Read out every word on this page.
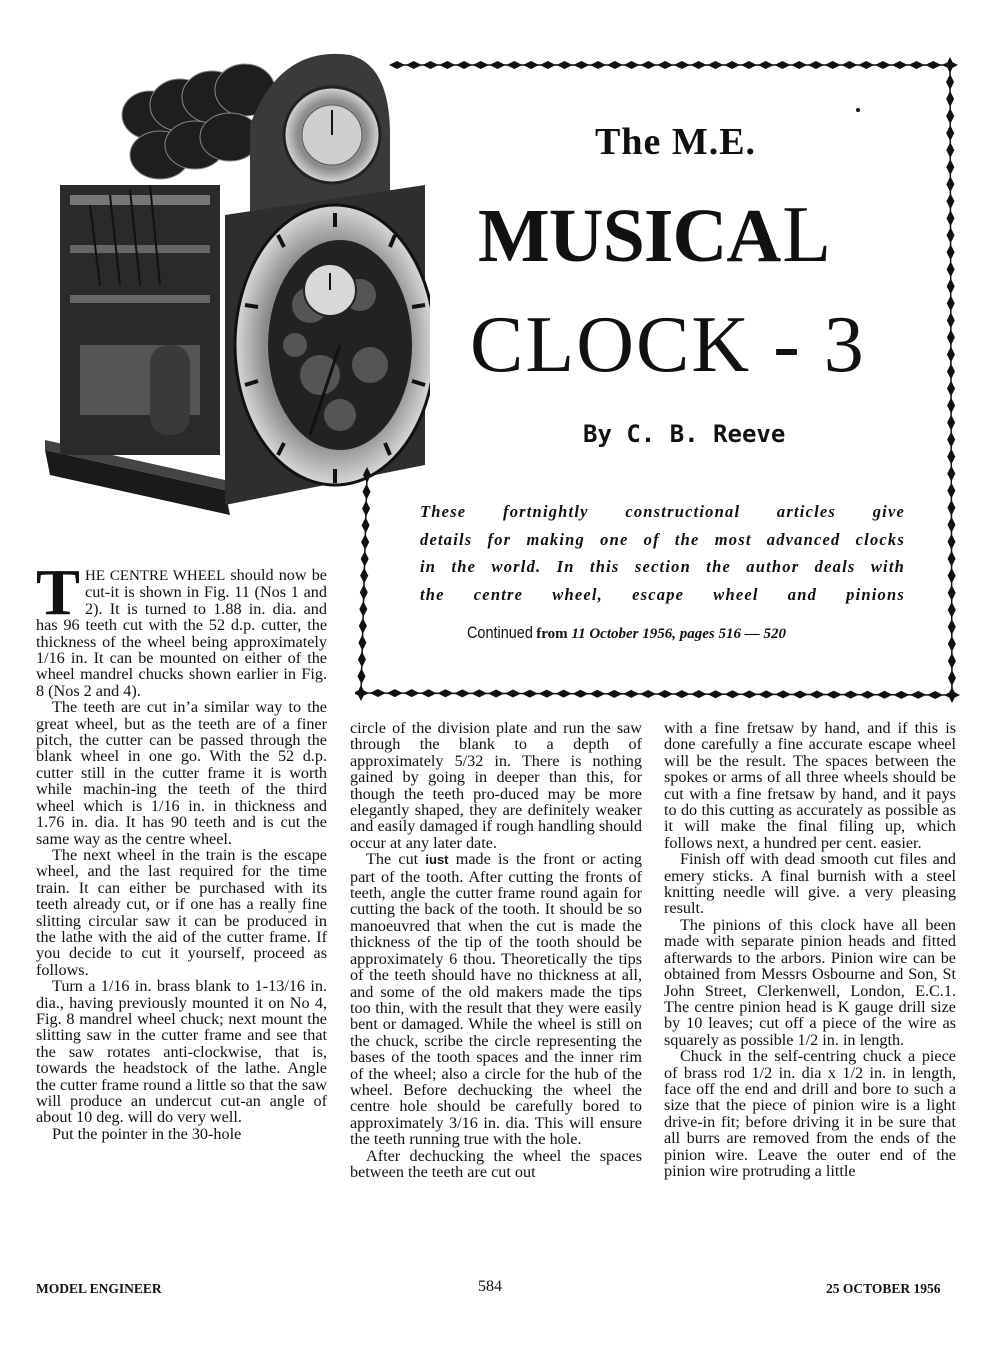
The M.E.
MUSICAL
CLOCK - 3
By C. B. Reeve
These fortnightly constructional articles give
details for making one of the most advanced clocks
in the world. In this section the author deals with
the centre wheel, escape wheel and pinions
Continued from 11 October 1956, pages 516 — 520

THE CENTRE WHEEL should now be cut-it is shown in Fig. 11 (Nos 1 and 2). It is turned to 1.88 in. dia. and has 96 teeth cut with the 52 d.p. cutter, the thickness of the wheel being approximately 1/16 in. It can be mounted on either of the wheel mandrel chucks shown earlier in Fig. 8 (Nos 2 and 4).

The teeth are cut in’a similar way to the great wheel, but as the teeth are of a finer pitch, the cutter can be passed through the blank wheel in one go. With the 52 d.p. cutter still in the cutter frame it is worth while machin-ing the teeth of the third wheel which is 1/16 in. in thickness and 1.76 in. dia. It has 90 teeth and is cut the same way as the centre wheel.

The next wheel in the train is the escape wheel, and the last required for the time train. It can either be purchased with its teeth already cut, or if one has a really fine slitting circular saw it can be produced in the lathe with the aid of the cutter frame. If you decide to cut it yourself, proceed as follows.

Turn a 1/16 in. brass blank to 1-13/16 in. dia., having previously mounted it on No 4, Fig. 8 mandrel wheel chuck; next mount the slitting saw in the cutter frame and see that the saw rotates anti-clockwise, that is, towards the headstock of the lathe. Angle the cutter frame round a little so that the saw will produce an undercut cut-an angle of about 10 deg. will do very well.

Put the pointer in the 30-hole

circle of the division plate and run the saw through the blank to a depth of approximately 5/32 in. There is nothing gained by going in deeper than this, for though the teeth pro-duced may be more elegantly shaped, they are definitely weaker and easily damaged if rough handling should occur at any later date.

The cut iust made is the front or acting part of the tooth. After cutting the fronts of teeth, angle the cutter frame round again for cutting the back of the tooth. It should be so manoeuvred that when the cut is made the thickness of the tip of the tooth should be approximately 6 thou. Theoretically the tips of the teeth should have no thickness at all, and some of the old makers made the tips too thin, with the result that they were easily bent or damaged. While the wheel is still on the chuck, scribe the circle representing the bases of the tooth spaces and the inner rim of the wheel; also a circle for the hub of the wheel. Before dechucking the wheel the centre hole should be carefully bored to approximately 3/16 in. dia. This will ensure the teeth running true with the hole.

After dechucking the wheel the spaces between the teeth are cut out

with a fine fretsaw by hand, and if this is done carefully a fine accurate escape wheel will be the result. The spaces between the spokes or arms of all three wheels should be cut with a fine fretsaw by hand, and it pays to do this cutting as accurately as possible as it will make the final filing up, which follows next, a hundred per cent. easier.

Finish off with dead smooth cut files and emery sticks. A final burnish with a steel knitting needle will give. a very pleasing result.

The pinions of this clock have all been made with separate pinion heads and fitted afterwards to the arbors. Pinion wire can be obtained from Messrs Osbourne and Son, St John Street, Clerkenwell, London, E.C.1. The centre pinion head is K gauge drill size by 10 leaves; cut off a piece of the wire as squarely as possible 1/2 in. in length.

Chuck in the self-centring chuck a piece of brass rod 1/2 in. dia x 1/2 in. in length, face off the end and drill and bore to such a size that the piece of pinion wire is a light drive-in fit; before driving it in be sure that all burrs are removed from the ends of the pinion wire. Leave the outer end of the pinion wire protruding a little

MODEL ENGINEER	584	25 OCTOBER 1956
